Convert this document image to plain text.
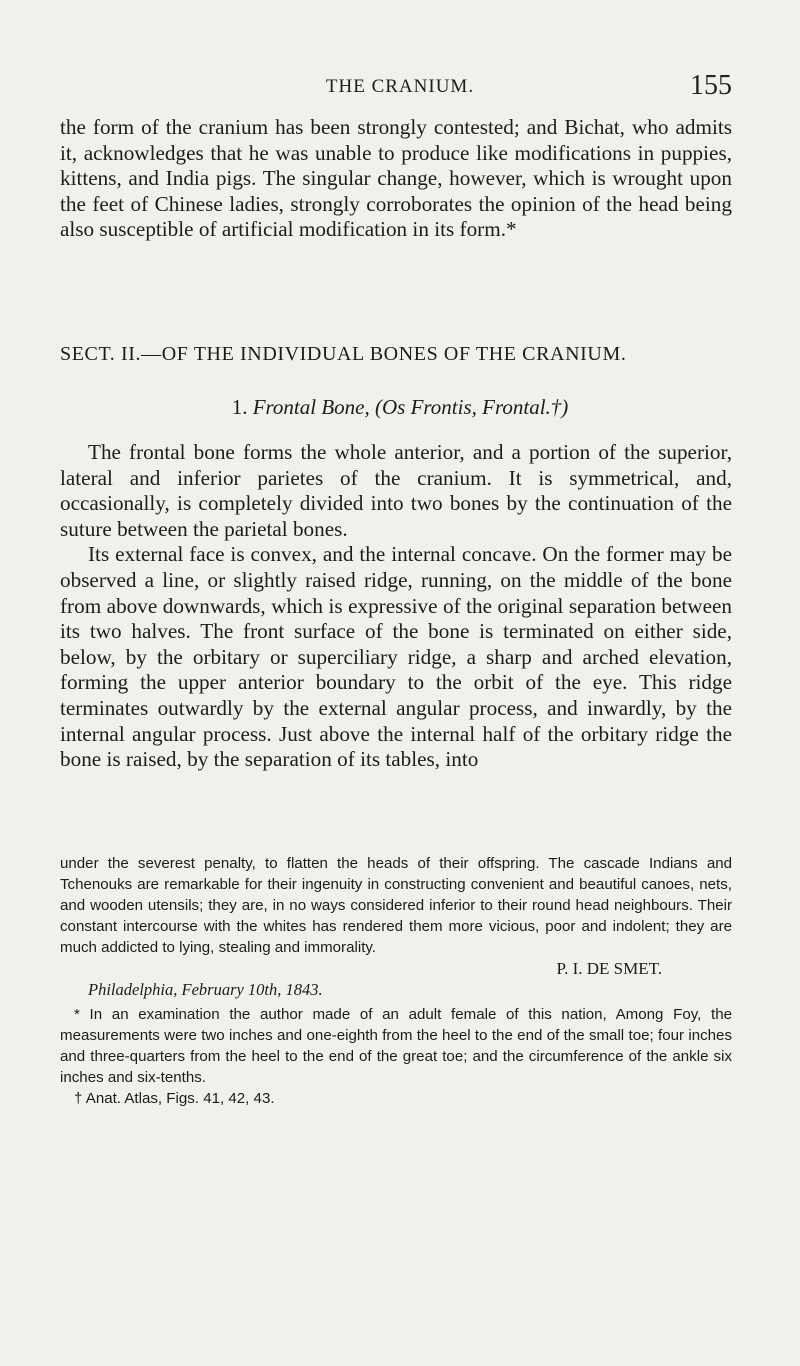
THE CRANIUM.	155

the form of the cranium has been strongly contested; and Bichat, who admits it, acknowledges that he was unable to produce like modifications in puppies, kittens, and India pigs. The singular change, however, which is wrought upon the feet of Chinese ladies, strongly corroborates the opinion of the head being also susceptible of artificial modification in its form.*

SECT. II.—OF THE INDIVIDUAL BONES OF THE CRANIUM.
1. Frontal Bone, (Os Frontis, Frontal.†)

The frontal bone forms the whole anterior, and a portion of the superior, lateral and inferior parietes of the cranium. It is symmetrical, and, occasionally, is completely divided into two bones by the continuation of the suture between the parietal bones.

Its external face is convex, and the internal concave. On the former may be observed a line, or slightly raised ridge, running, on the middle of the bone from above downwards, which is expressive of the original separation between its two halves. The front surface of the bone is terminated on either side, below, by the orbitary or superciliary ridge, a sharp and arched elevation, forming the upper anterior boundary to the orbit of the eye. This ridge terminates outwardly by the external angular process, and inwardly, by the internal angular process. Just above the internal half of the orbitary ridge the bone is raised, by the separation of its tables, into

under the severest penalty, to flatten the heads of their offspring. The cascade Indians and Tchenouks are remarkable for their ingenuity in constructing convenient and beautiful canoes, nets, and wooden utensils; they are, in no ways considered inferior to their round head neighbours. Their constant intercourse with the whites has rendered them more vicious, poor and indolent; they are much addicted to lying, stealing and immorality.

P. I. DE SMET.

Philadelphia, February 10th, 1843.

* In an examination the author made of an adult female of this nation, Among Foy, the measurements were two inches and one-eighth from the heel to the end of the small toe; four inches and three-quarters from the heel to the end of the great toe; and the circumference of the ankle six inches and six-tenths.

† Anat. Atlas, Figs. 41, 42, 43.
